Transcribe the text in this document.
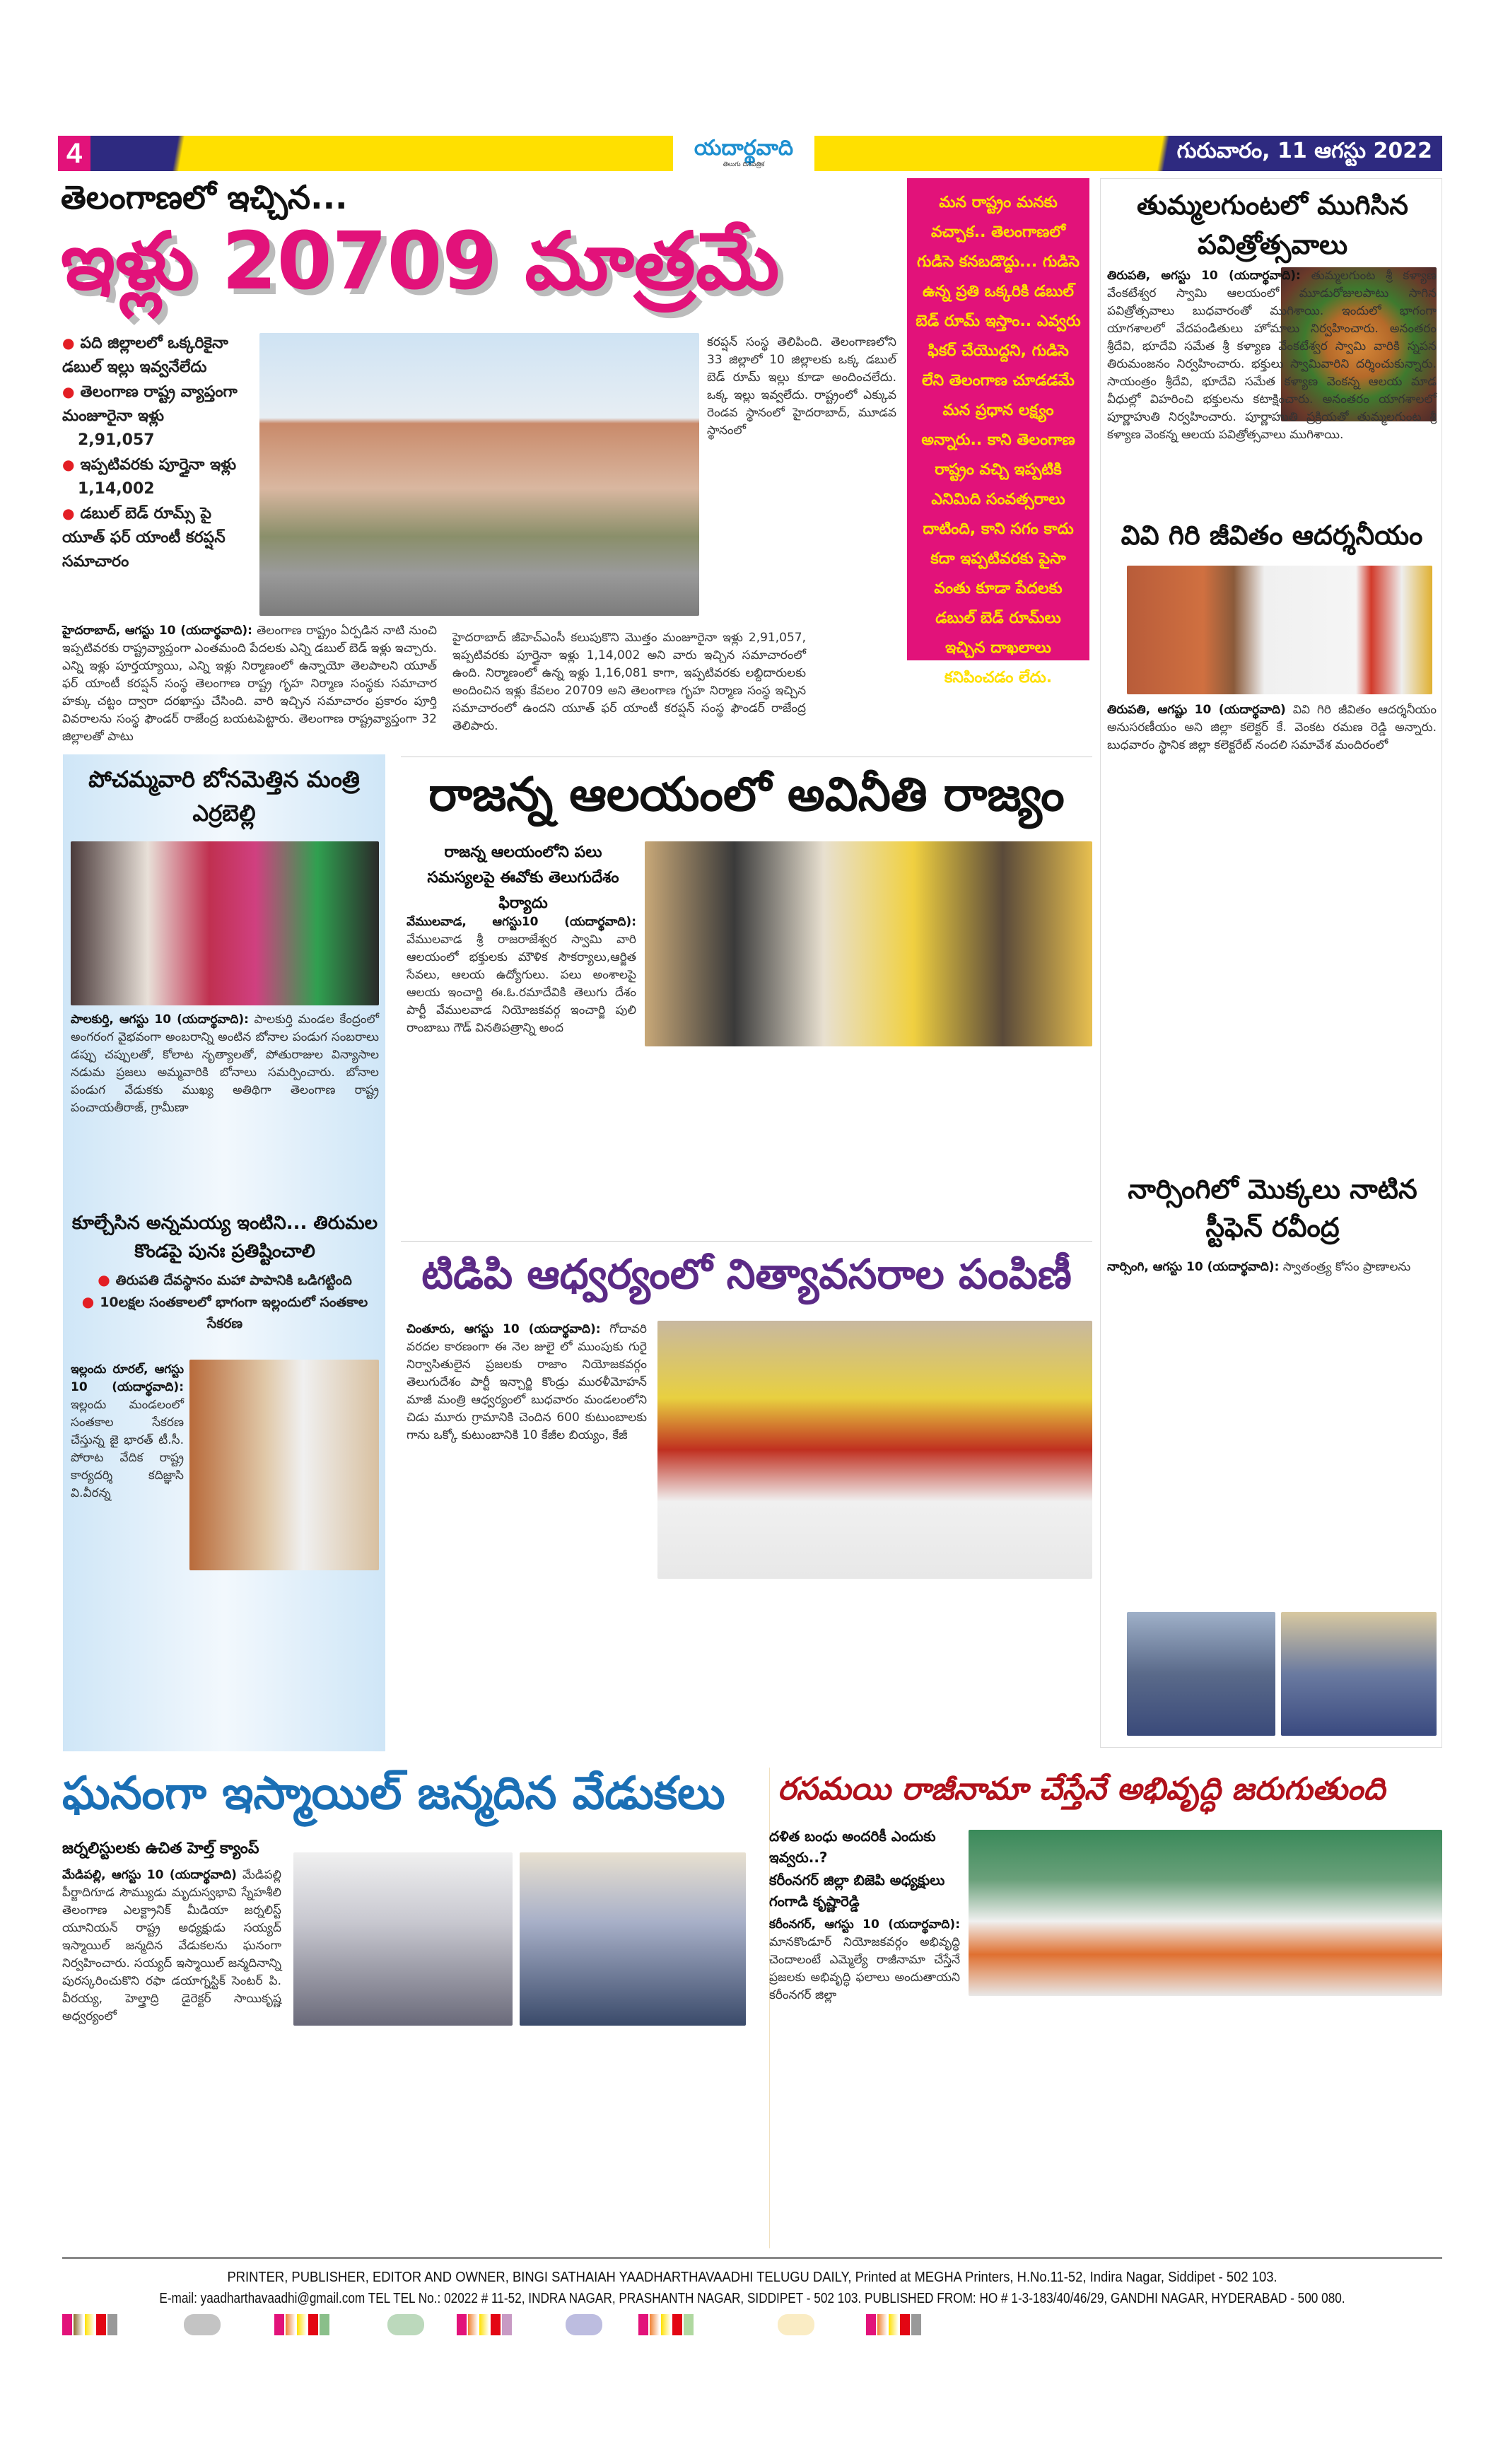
4	యదార్థవాది
తెలుగు దినపత్రిక
గురువారం, 11 ఆగస్టు 2022
తెలంగాణలో ఇచ్చిన...
ఇళ్లు 20709 మాత్రమే
● పది జిల్లాలలో ఒక్కరికైనా డబుల్ ఇల్లు ఇవ్వనేలేదు
● తెలంగాణ రాష్ట్ర వ్యాప్తంగా మంజూరైనా ఇళ్లు
2,91,057
● ఇప్పటివరకు పూర్తైనా ఇళ్లు
1,14,002
● డబుల్ బెడ్ రూమ్స్ పై యూత్ ఫర్ యాంటీ కరప్షన్ సమాచారం
కరప్షన్ సంస్థ తెలిపింది. తెలంగాణలోని 33 జిల్లాలో 10 జిల్లాలకు ఒక్క డబుల్ బెడ్ రూమ్ ఇల్లు కూడా అందించలేదు. ఒక్క ఇల్లు ఇవ్వలేదు. రాష్ట్రంలో ఎక్కువ రెండవ స్థానంలో హైదరాబాద్, మూడవ స్థానంలో
హైదరాబాద్, ఆగస్టు 10 (యదార్థవాది): తెలంగాణ రాష్ట్రం ఏర్పడిన నాటి నుంచి ఇప్పటివరకు రాష్ట్రవ్యాప్తంగా ఎంతమంది పేదలకు ఎన్ని డబుల్ బెడ్ ఇళ్లు ఇచ్చారు. ఎన్ని ఇళ్లు పూర్తయ్యాయి, ఎన్ని ఇళ్లు నిర్మాణంలో ఉన్నాయో తెలపాలని యూత్ ఫర్ యాంటీ కరప్షన్ సంస్థ తెలంగాణ రాష్ట్ర గృహ నిర్మాణ సంస్థకు సమాచార హక్కు చట్టం ద్వారా దరఖాస్తు చేసింది. వారి ఇచ్చిన సమాచారం ప్రకారం పూర్తి వివరాలను సంస్థ ఫౌండర్ రాజేంద్ర బయటపెట్టారు. తెలంగాణ రాష్ట్రవ్యాప్తంగా 32 జిల్లాలతో పాటు
హైదరాబాద్ జీహెచ్ఎంసీ కలుపుకొని మొత్తం మంజూరైనా ఇళ్లు 2,91,057, ఇప్పటివరకు పూర్తైనా ఇళ్లు 1,14,002 అని వారు ఇచ్చిన సమాచారంలో ఉంది. నిర్మాణంలో ఉన్న ఇళ్లు 1,16,081 కాగా, ఇప్పటివరకు లబ్దిదారులకు అందించిన ఇళ్లు కేవలం 20709 అని తెలంగాణ గృహ నిర్మాణ సంస్థ ఇచ్చిన సమాచారంలో ఉందని యూత్ ఫర్ యాంటీ కరప్షన్ సంస్థ ఫౌండర్ రాజేంద్ర తెలిపారు.
మన రాష్ట్రం మనకు వచ్చాక.. తెలంగాణలో గుడిసె కనబడొద్దు... గుడిసె ఉన్న ప్రతి ఒక్కరికి డబుల్ బెడ్ రూమ్ ఇస్తాం.. ఎవ్వరు ఫికర్ చేయొద్దని, గుడిసె లేని తెలంగాణ చూడడమే మన ప్రధాన లక్ష్యం అన్నారు.. కాని తెలంగాణ రాష్ట్రం వచ్చి ఇప్పటికి ఎనిమిది సంవత్సరాలు దాటింది, కాని సగం కాదు కదా ఇప్పటివరకు పైసా వంతు కూడా పేదలకు డబుల్ బెడ్ రూమ్‌లు ఇచ్చిన దాఖలాలు కనిపించడం లేదు.
తుమ్మలగుంటలో ముగిసిన పవిత్రోత్సవాలు
తిరుపతి, అగస్టు 10 (యదార్థవాది): తుమ్మలగుంట శ్రీ కళ్యాణ వేంకటేశ్వర స్వామి ఆలయంలో మూడురోజులపాటు సాగిన పవిత్రోత్సవాలు బుధవారంతో ముగిశాయి. ఇందులో భాగంగా యాగశాలలో వేదపండితులు హోమాలు నిర్వహించారు. అనంతరం శ్రీదేవి, భూదేవి సమేత శ్రీ కళ్యాణ వేంకటేశ్వర స్వామి వారికి స్నపన తిరుమంజనం నిర్వహించారు. భక్తులు స్వామివారిని దర్శించుకున్నారు. సాయంత్రం శ్రీదేవి, భూదేవి సమేత కళ్యాణ వెంకన్న ఆలయ మాడ వీధుల్లో విహరించి భక్తులను కటాక్షించారు. అనంతరం యాగశాలలో పూర్ణాహుతి నిర్వహించారు. పూర్ణాహుతి ప్రక్రియతో తుమ్మలగుంట శ్రీ కళ్యాణ వెంకన్న ఆలయ పవిత్రోత్సవాలు ముగిశాయి.
వివి గిరి జీవితం ఆదర్శనీయం
తిరుపతి, ఆగష్టు 10 (యదార్థవాది) వివి గిరి జీవితం ఆదర్శనీయం అనుసరణీయం అని జిల్లా కలెక్టర్ కే. వెంకట రమణ రెడ్డి అన్నారు. బుధవారం స్థానిక జిల్లా కలెక్టరేట్ నందలి సమావేశ మందిరంలో
నార్సింగిలో మొక్కలు నాటిన స్టీఫెన్ రవీంద్ర
నార్సింగి, ఆగస్టు 10 (యదార్థవాది): స్వాతంత్ర్య కోసం ప్రాణాలను
పోచమ్మవారి బోనమెత్తిన మంత్రి ఎర్రబెల్లి
పాలకుర్తి, ఆగస్టు 10 (యదార్థవాది): పాలకుర్తి మండల కేంద్రంలో అంగరంగ వైభవంగా అంబరాన్ని అంటిన బోనాల పండుగ సంబరాలు డప్పు చప్పులతో, కోలాట నృత్యాలతో, పోతురాజుల విన్యాసాల నడుమ ప్రజలు అమ్మవారికి బోనాలు సమర్పించారు. బోనాల పండుగ వేడుకకు ముఖ్య అతిథిగా తెలంగాణ రాష్ట్ర పంచాయతీరాజ్, గ్రామీణా
కూల్చేసిన అన్నమయ్య ఇంటిని... తిరుమల కొండపై పునః ప్రతిష్టించాలి
● తిరుపతి దేవస్థానం మహా పాపానికి ఒడిగట్టింది
● 10లక్షల సంతకాలలో భాగంగా ఇల్లందులో సంతకాల సేకరణ
ఇల్లందు రూరల్, ఆగస్టు 10 (యదార్థవాది): ఇల్లందు మండలంలో సంతకాల సేకరణ చేస్తున్న జై భారత్ టీ.సీ. పోరాట వేదిక రాష్ట్ర కార్యదర్శి కదిజ్ఞాసి వి.వీరన్న
రాజన్న ఆలయంలో అవినీతి రాజ్యం
రాజన్న ఆలయంలోని పలు సమస్యలపై ఈవోకు తెలుగుదేశం ఫిర్యాదు
వేములవాడ, ఆగస్టు10 (యదార్థవాది): వేములవాడ శ్రీ రాజరాజేశ్వర స్వామి వారి ఆలయంలో భక్తులకు మౌళిక సౌకర్యాలు,ఆర్జిత సేవలు, ఆలయ ఉద్యోగులు. పలు అంశాలపై ఆలయ ఇంచార్జి ఈ.ఓ.రమాదేవికి తెలుగు దేశం పార్టీ వేములవాడ నియోజకవర్గ ఇంచార్జి పులి రాంబాబు గౌడ్ వినతిపత్రాన్ని అంద
టిడిపి ఆధ్వర్యంలో నిత్యావసరాల పంపిణీ
చింతూరు, ఆగస్టు 10 (యదార్థవాది): గోదావరి వరదల కారణంగా ఈ నెల జులై లో ముంపుకు గురై నిర్వాసితులైన ప్రజలకు రాజాం నియోజకవర్గం తెలుగుదేశం పార్టీ ఇన్చార్జి కొండ్రు మురళీమోహన్ మాజీ మంత్రి ఆధ్వర్యంలో బుధవారం మండలంలోని చిడు మూరు గ్రామానికి చెందిన 600 కుటుంబాలకు గాను ఒక్కో కుటుంబానికి 10 కేజీల బియ్యం, కేజీ
ఘనంగా ఇస్మాయిల్ జన్మదిన వేడుకలు
జర్నలిస్టులకు ఉచిత హెల్త్ క్యాంప్
మేడిపల్లి, ఆగస్టు 10 (యదార్థవాది) మేడిపల్లి పీర్జాదిగూడ సౌమ్యుడు మృదుస్వభావి స్నేహశీలి తెలంగాణ ఎలక్ట్రానిక్ మీడియా జర్నలిస్ట్ యూనియన్ రాష్ట్ర అధ్యక్షుడు సయ్యద్ ఇస్మాయిల్ జన్మదిన వేడుకలను ఘనంగా నిర్వహించారు. సయ్యద్ ఇస్మాయిల్ జన్మదినాన్ని పురస్కరించుకొని రఫా డయాగ్నస్టిక్ సెంటర్ పి. వీరయ్య, హెల్త్రాద్రి డైరెక్టర్ సాయికృష్ణ అధ్వర్యంలో
రసమయి రాజీనామా చేస్తేనే అభివృద్ధి జరుగుతుంది
దళిత బంధు అందరికీ ఎందుకు ఇవ్వరు..?
కరీంనగర్ జిల్లా బిజెపి అధ్యక్షులు గంగాడి కృష్ణారెడ్డి
కరీంనగర్, ఆగస్టు 10 (యదార్థవాది): మానకొండూర్ నియోజకవర్గం అభివృద్ధి చెందాలంటే ఎమ్మెల్యే రాజీనామా చేస్తేనే ప్రజలకు అభివృద్ధి ఫలాలు అందుతాయని కరీంనగర్ జిల్లా
PRINTER, PUBLISHER, EDITOR AND OWNER, BINGI SATHAIAH YAADHARTHAVAADHI TELUGU DAILY, Printed at MEGHA Printers, H.No.11-52, Indira Nagar, Siddipet - 502 103.
E-mail: yaadharthavaadhi@gmail.com TEL TEL No.: 02022 # 11-52, INDRA NAGAR, PRASHANTH NAGAR, SIDDIPET - 502 103. PUBLISHED FROM: HO # 1-3-183/40/46/29, GANDHI NAGAR, HYDERABAD - 500 080.
